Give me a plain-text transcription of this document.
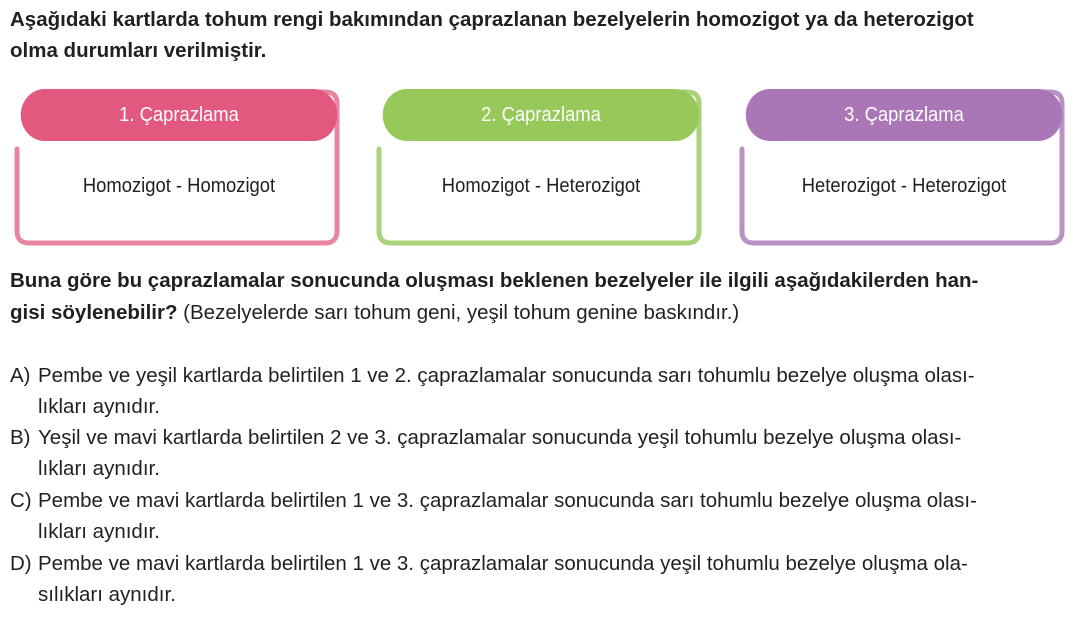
Aşağıdaki kartlarda tohum rengi bakımından çaprazlanan bezelyelerin homozigot ya da heterozigot
olma durumları verilmiştir.

1. Çaprazlama
Homozigot - Homozigot
2. Çaprazlama
Homozigot - Heterozigot
3. Çaprazlama
Heterozigot - Heterozigot

Buna göre bu çaprazlamalar sonucunda oluşması beklenen bezelyeler ile ilgili aşağıdakilerden han-
gisi söylenebilir? (Bezelyelerde sarı tohum geni, yeşil tohum genine baskındır.)

A) Pembe ve yeşil kartlarda belirtilen 1 ve 2. çaprazlamalar sonucunda sarı tohumlu bezelye oluşma olası-
lıkları aynıdır.
B) Yeşil ve mavi kartlarda belirtilen 2 ve 3. çaprazlamalar sonucunda yeşil tohumlu bezelye oluşma olası-
lıkları aynıdır.
C) Pembe ve mavi kartlarda belirtilen 1 ve 3. çaprazlamalar sonucunda sarı tohumlu bezelye oluşma olası-
lıkları aynıdır.
D) Pembe ve mavi kartlarda belirtilen 1 ve 3. çaprazlamalar sonucunda yeşil tohumlu bezelye oluşma ola-
sılıkları aynıdır.
